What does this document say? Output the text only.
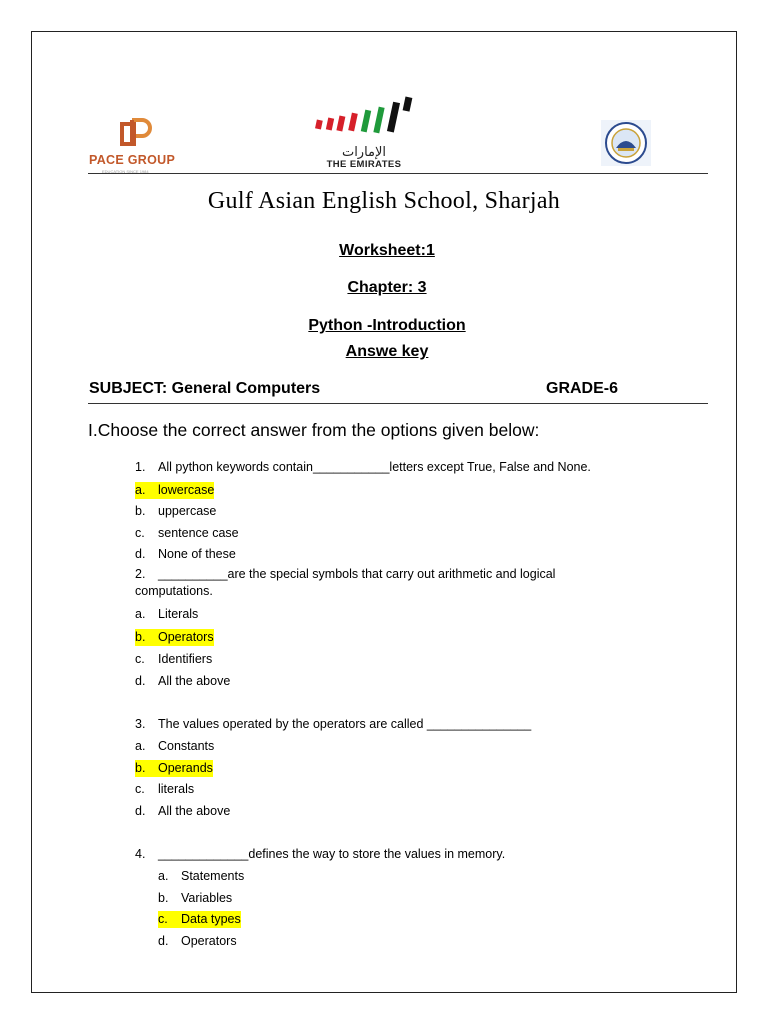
PACE GROUP
EDUCATION SINCE 1984
الإمارات
THE EMIRATES
Gulf Asian English School, Sharjah
Worksheet:1
Chapter: 3
Python -Introduction
Answe key
SUBJECT: General Computers	GRADE-6
I.Choose the correct answer from the options given below:
1. All python keywords contain___________letters except True, False and None.
a. lowercase
b. uppercase
c. sentence case
d. None of these
2. __________are the special symbols that carry out arithmetic and logical computations.
a. Literals
b. Operators
c. Identifiers
d. All the above
3. The values operated by the operators are called _______________
a. Constants
b. Operands
c. literals
d. All the above
4. _____________defines the way to store the values in memory.
a. Statements
b. Variables
c. Data types
d. Operators
